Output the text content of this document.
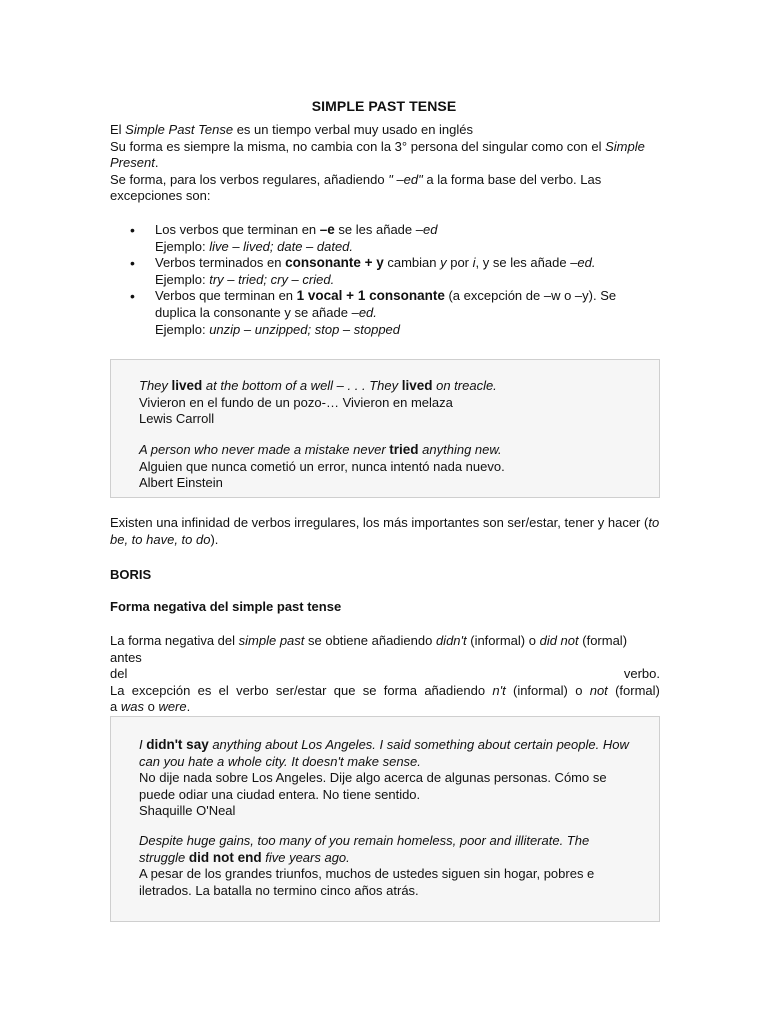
SIMPLE PAST TENSE

El Simple Past Tense es un tiempo verbal muy usado en inglés

Su forma es siempre la misma, no cambia con la 3° persona del singular como con el Simple Present.

Se forma, para los verbos regulares, añadiendo " –ed" a la forma base del verbo. Las excepciones son:

• Los verbos que terminan en –e se les añade –ed
Ejemplo: live – lived; date – dated.
• Verbos terminados en consonante + y cambian y por i, y se les añade –ed.
Ejemplo: try – tried; cry – cried.
• Verbos que terminan en 1 vocal + 1 consonante (a excepción de –w o –y). Se duplica la consonante y se añade –ed.
Ejemplo: unzip – unzipped; stop – stopped

They lived at the bottom of a well – . . . They lived on treacle.

Vivieron en el fundo de un pozo-… Vivieron en melaza

Lewis Carroll

A person who never made a mistake never tried anything new.

Alguien que nunca cometió un error, nunca intentó nada nuevo.

Albert Einstein

Existen una infinidad de verbos irregulares, los más importantes son ser/estar, tener y hacer (to be, to have, to do).

BORIS
Forma negativa del simple past tense

La forma negativa del simple past se obtiene añadiendo didn't (informal) o did not (formal) antes

del	verbo.

La excepción es el verbo ser/estar que se forma añadiendo n't (informal) o not (formal)

a was o were.

I didn't say anything about Los Angeles. I said something about certain people. How can you hate a whole city. It doesn't make sense.

No dije nada sobre Los Angeles. Dije algo acerca de algunas personas. Cómo se puede odiar una ciudad entera. No tiene sentido.

Shaquille O'Neal

Despite huge gains, too many of you remain homeless, poor and illiterate. The struggle did not end five years ago.

A pesar de los grandes triunfos, muchos de ustedes siguen sin hogar, pobres e iletrados. La batalla no termino cinco años atrás.
